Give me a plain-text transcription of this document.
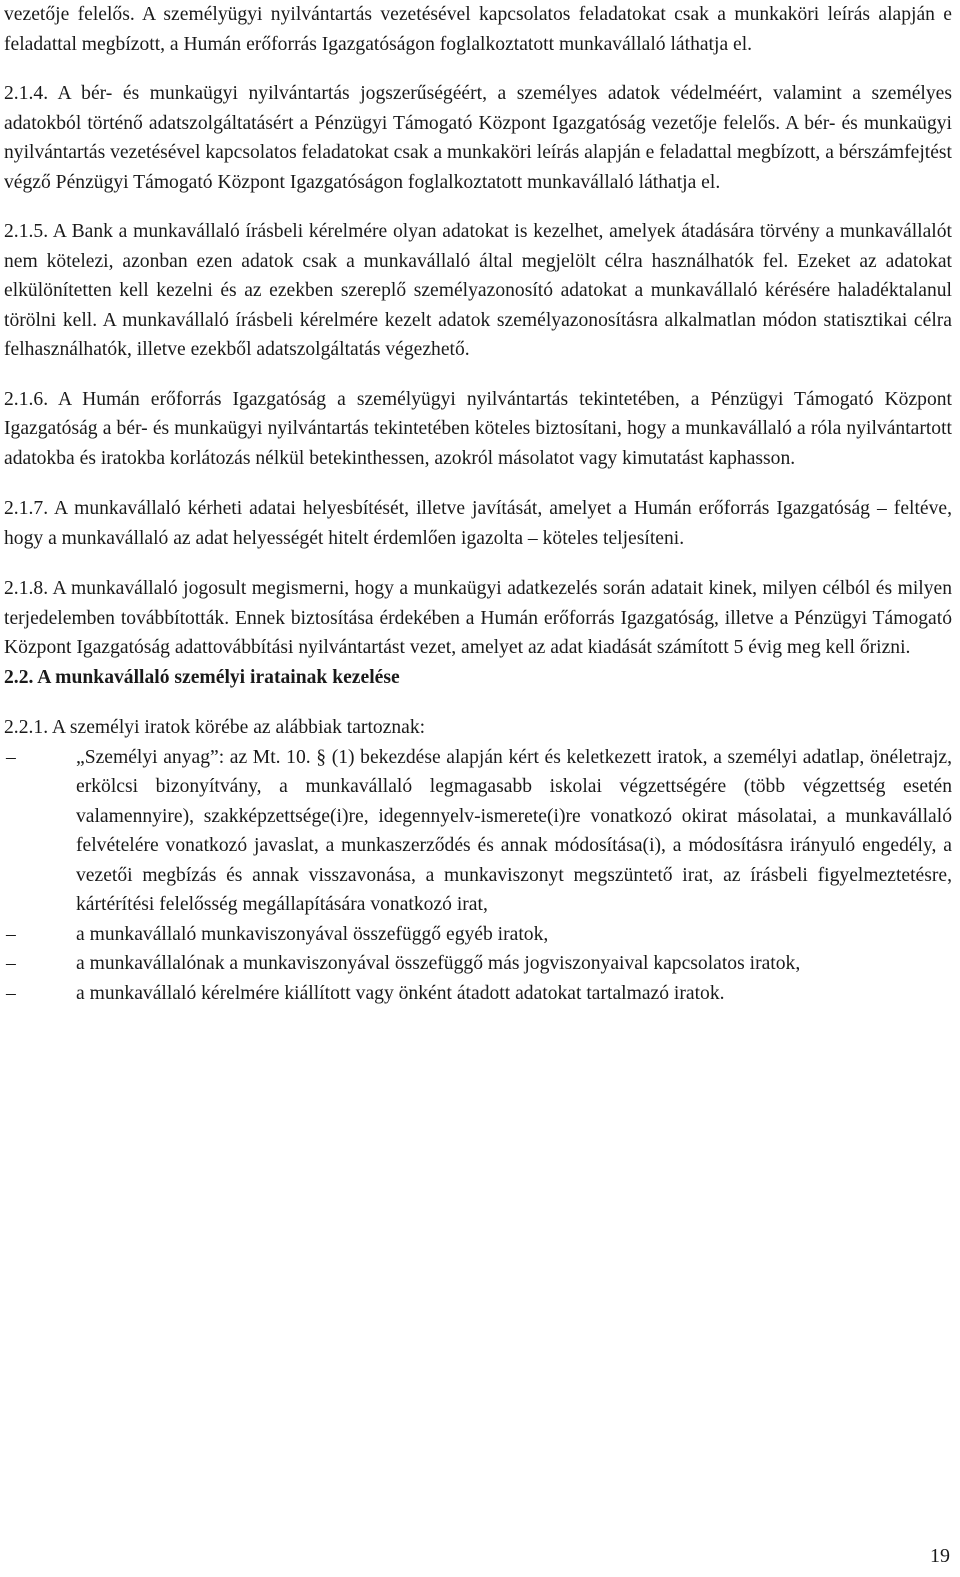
vezetője felelős. A személyügyi nyilvántartás vezetésével kapcsolatos feladatokat csak a munkaköri leírás alapján e feladattal megbízott, a Humán erőforrás Igazgatóságon foglalkoztatott munkavállaló láthatja el.

2.1.4. A bér- és munkaügyi nyilvántartás jogszerűségéért, a személyes adatok védelméért, valamint a személyes adatokból történő adatszolgáltatásért a Pénzügyi Támogató Központ Igazgatóság vezetője felelős. A bér- és munkaügyi nyilvántartás vezetésével kapcsolatos feladatokat csak a munkaköri leírás alapján e feladattal megbízott, a bérszámfejtést végző Pénzügyi Támogató Központ Igazgatóságon foglalkoztatott munkavállaló láthatja el.

2.1.5. A Bank a munkavállaló írásbeli kérelmére olyan adatokat is kezelhet, amelyek átadására törvény a munkavállalót nem kötelezi, azonban ezen adatok csak a munkavállaló által megjelölt célra használhatók fel. Ezeket az adatokat elkülönítetten kell kezelni és az ezekben szereplő személyazonosító adatokat a munkavállaló kérésére haladéktalanul törölni kell. A munkavállaló írásbeli kérelmére kezelt adatok személyazonosításra alkalmatlan módon statisztikai célra felhasználhatók, illetve ezekből adatszolgáltatás végezhető.

2.1.6. A Humán erőforrás Igazgatóság a személyügyi nyilvántartás tekintetében, a Pénzügyi Támogató Központ Igazgatóság a bér- és munkaügyi nyilvántartás tekintetében köteles biztosítani, hogy a munkavállaló a róla nyilvántartott adatokba és iratokba korlátozás nélkül betekinthessen, azokról másolatot vagy kimutatást kaphasson.

2.1.7. A munkavállaló kérheti adatai helyesbítését, illetve javítását, amelyet a Humán erőforrás Igazgatóság – feltéve, hogy a munkavállaló az adat helyességét hitelt érdemlően igazolta – köteles teljesíteni.

2.1.8. A munkavállaló jogosult megismerni, hogy a munkaügyi adatkezelés során adatait kinek, milyen célból és milyen terjedelemben továbbították. Ennek biztosítása érdekében a Humán erőforrás Igazgatóság, illetve a Pénzügyi Támogató Központ Igazgatóság adattovábbítási nyilvántartást vezet, amelyet az adat kiadását számított 5 évig meg kell őrizni.

2.2. A munkavállaló személyi iratainak kezelése

2.2.1. A személyi iratok körébe az alábbiak tartoznak:

–	„Személyi anyag”: az Mt. 10. § (1) bekezdése alapján kért és keletkezett iratok, a személyi adatlap, önéletrajz, erkölcsi bizonyítvány, a munkavállaló legmagasabb iskolai végzettségére (több végzettség esetén valamennyire), szakképzettsége(i)re, idegennyelv-ismerete(i)re vonatkozó okirat másolatai, a munkavállaló felvételére vonatkozó javaslat, a munkaszerződés és annak módosítása(i), a módosításra irányuló engedély, a vezetői megbízás és annak visszavonása, a munkaviszonyt megszüntető irat, az írásbeli figyelmeztetésre, kártérítési felelősség megállapítására vonatkozó irat,
–	a munkavállaló munkaviszonyával összefüggő egyéb iratok,
–	a munkavállalónak a munkaviszonyával összefüggő más jogviszonyaival kapcsolatos iratok,
–	a munkavállaló kérelmére kiállított vagy önként átadott adatokat tartalmazó iratok.
19
